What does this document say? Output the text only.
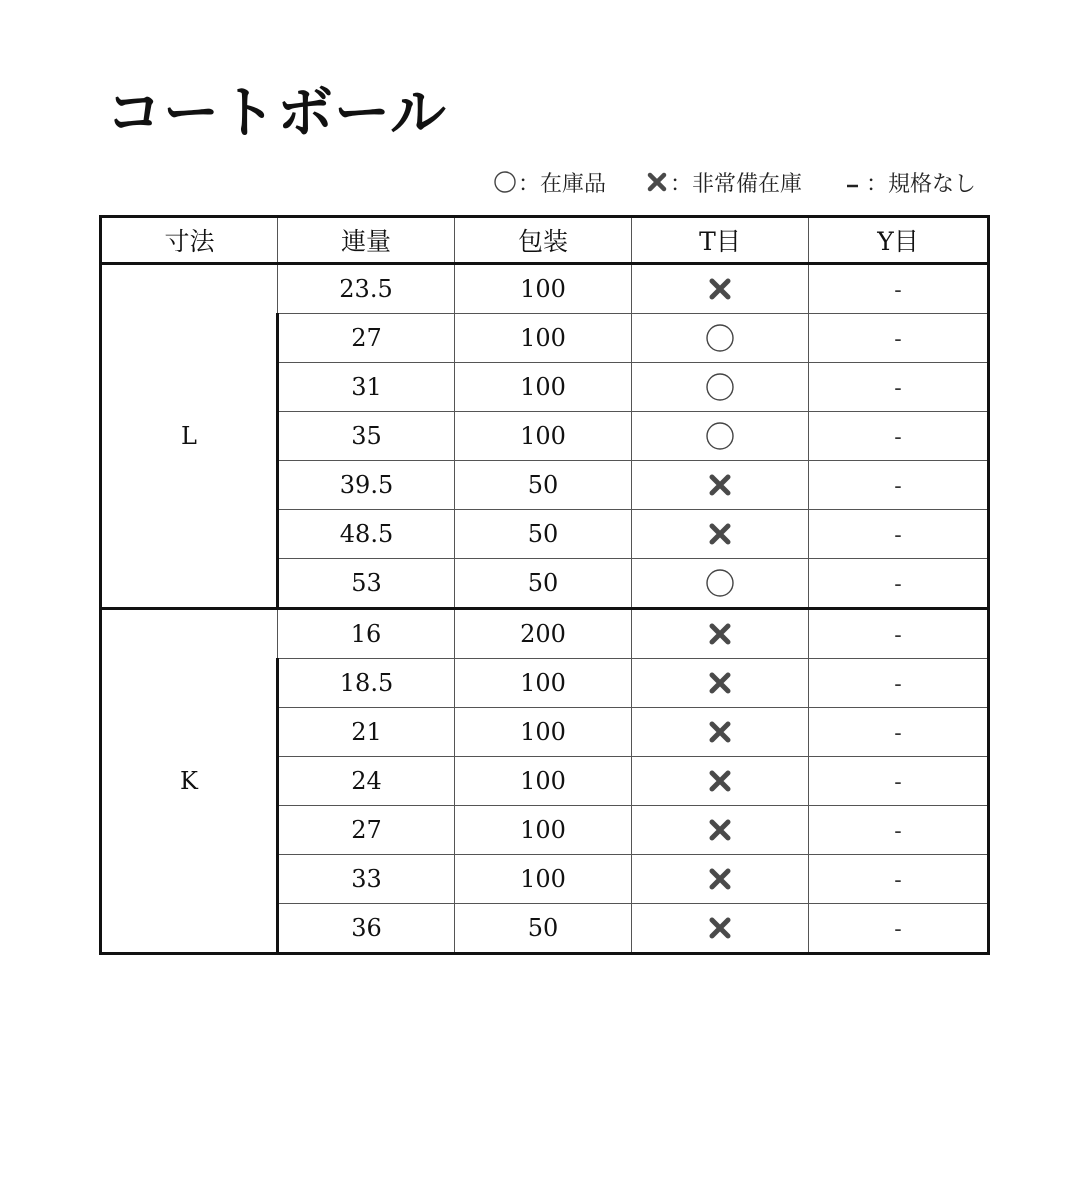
コートボール
：在庫品	：非常備在庫	：規格なし
寸法	連量	包装	T目	Y目
L	23.5	100		-
	27	100		-
	31	100		-
	35	100		-
	39.5	50		-
	48.5	50		-
	53	50		-
K	16	200		-
	18.5	100		-
	21	100		-
	24	100		-
	27	100		-
	33	100		-
	36	50		-
